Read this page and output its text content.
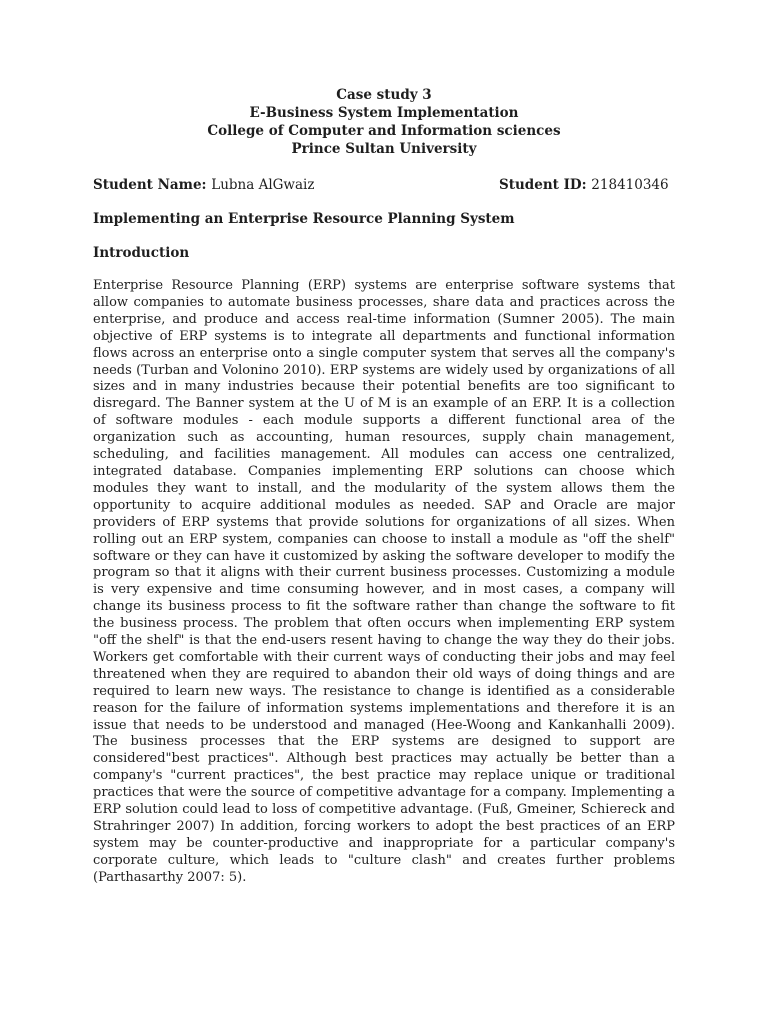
Case study 3
E-Business System Implementation
College of Computer and Information sciences
Prince Sultan University
Student Name: Lubna AlGwaiz	Student ID: 218410346
Implementing an Enterprise Resource Planning System
Introduction

Enterprise Resource Planning (ERP) systems are enterprise software systems that allow companies to automate business processes, share data and practices across the enterprise, and produce and access real-time information (Sumner 2005). The main objective of ERP systems is to integrate all departments and functional information flows across an enterprise onto a single computer system that serves all the company's needs (Turban and Volonino 2010). ERP systems are widely used by organizations of all sizes and in many industries because their potential benefits are too significant to disregard. The Banner system at the U of M is an example of an ERP. It is a collection of software modules - each module supports a different functional area of the organization such as accounting, human resources, supply chain management, scheduling, and facilities management. All modules can access one centralized, integrated database. Companies implementing ERP solutions can choose which modules they want to install, and the modularity of the system allows them the opportunity to acquire additional modules as needed. SAP and Oracle are major providers of ERP systems that provide solutions for organizations of all sizes. When rolling out an ERP system, companies can choose to install a module as "off the shelf" software or they can have it customized by asking the software developer to modify the program so that it aligns with their current business processes. Customizing a module is very expensive and time consuming however, and in most cases, a company will change its business process to fit the software rather than change the software to fit the business process. The problem that often occurs when implementing ERP system "off the shelf" is that the end-users resent having to change the way they do their jobs. Workers get comfortable with their current ways of conducting their jobs and may feel threatened when they are required to abandon their old ways of doing things and are required to learn new ways. The resistance to change is identified as a considerable reason for the failure of information systems implementations and therefore it is an issue that needs to be understood and managed (Hee-Woong and Kankanhalli 2009). The business processes that the ERP systems are designed to support are considered"best practices". Although best practices may actually be better than a company's "current practices", the best practice may replace unique or traditional practices that were the source of competitive advantage for a company. Implementing a ERP solution could lead to loss of competitive advantage. (Fuß, Gmeiner, Schiereck and Strahringer 2007) In addition, forcing workers to adopt the best practices of an ERP system may be counter-productive and inappropriate for a particular company's corporate culture, which leads to "culture clash" and creates further problems (Parthasarthy 2007: 5).
